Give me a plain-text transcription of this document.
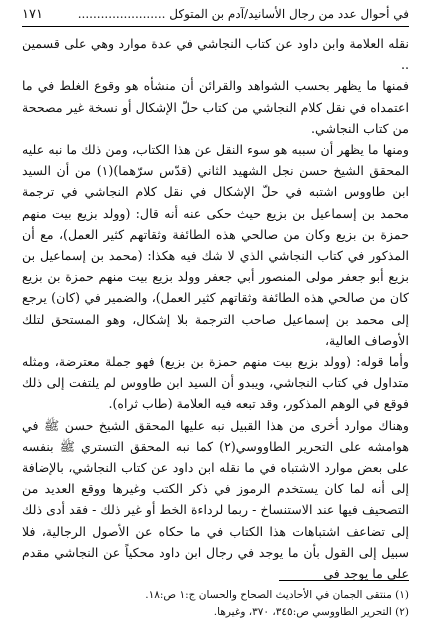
في أحوال عدد من رجال الأسانيد/آدم بن المتوكل .......................
١٧١

نقله العلامة وابن داود عن كتاب النجاشي في عدة موارد وهي على قسمين ..

فمنها ما يظهر بحسب الشواهد والقرائن أن منشأه هو وقوع الغلط في ما اعتمداه في نقل كلام النجاشي من كتاب حلّ الإشكال أو نسخة غير مصححة من كتاب النجاشي.

ومنها ما يظهر أن سببه هو سوء النقل عن هذا الكتاب، ومن ذلك ما نبه عليه المحقق الشيخ حسن نجل الشهيد الثاني (قدّس سرّهما)(١) من أن السيد ابن طاووس اشتبه في حلّ الإشكال في نقل كلام النجاشي في ترجمة محمد بن إسماعيل بن بزيع حيث حكى عنه أنه قال: (وولد بزيع بيت منهم حمزة بن بزيع وكان من صالحي هذه الطائفة وثقاتهم كثير العمل)، مع أن المذكور في كتاب النجاشي الذي لا شك فيه هكذا: (محمد بن إسماعيل بن بزيع أبو جعفر مولى المنصور أبي جعفر وولد بزيع بيت منهم حمزة بن بزيع كان من صالحي هذه الطائفة وثقاتهم كثير العمل)، والضمير في (كان) يرجع إلى محمد بن إسماعيل صاحب الترجمة بلا إشكال، وهو المستحق لتلك الأوصاف العالية،

وأما قوله: (وولد بزيع بيت منهم حمزة بن بزيع) فهو جملة معترضة، ومثله متداول في كتاب النجاشي، ويبدو أن السيد ابن طاووس لم يلتفت إلى ذلك فوقع في الوهم المذكور، وقد تبعه فيه العلامة (طاب ثراه).

وهناك موارد أخرى من هذا القبيل نبه عليها المحقق الشيخ حسن ﷺ في هوامشه على التحرير الطاووسي(٢) كما نبه المحقق التستري ﷺ بنفسه على بعض موارد الاشتباه في ما نقله ابن داود عن كتاب النجاشي، بالإضافة إلى أنه لما كان يستخدم الرموز في ذكر الكتب وغيرها ووقع العديد من التصحيف فيها عند الاستنساخ - ربما لرداءة الخط أو غير ذلك - فقد أدى ذلك إلى تضاعف اشتباهات هذا الكتاب في ما حكاه عن الأصول الرجالية، فلا سبيل إلى القول بأن ما يوجد في رجال ابن داود محكياً عن النجاشي مقدم على ما يوجد في

(١) منتقى الجمان في الأحاديث الصحاح والحسان ج:١ ص:١٨.

(٢) التحرير الطاووسي ص:٣٤٥، ٣٧٠، وغيرها.
